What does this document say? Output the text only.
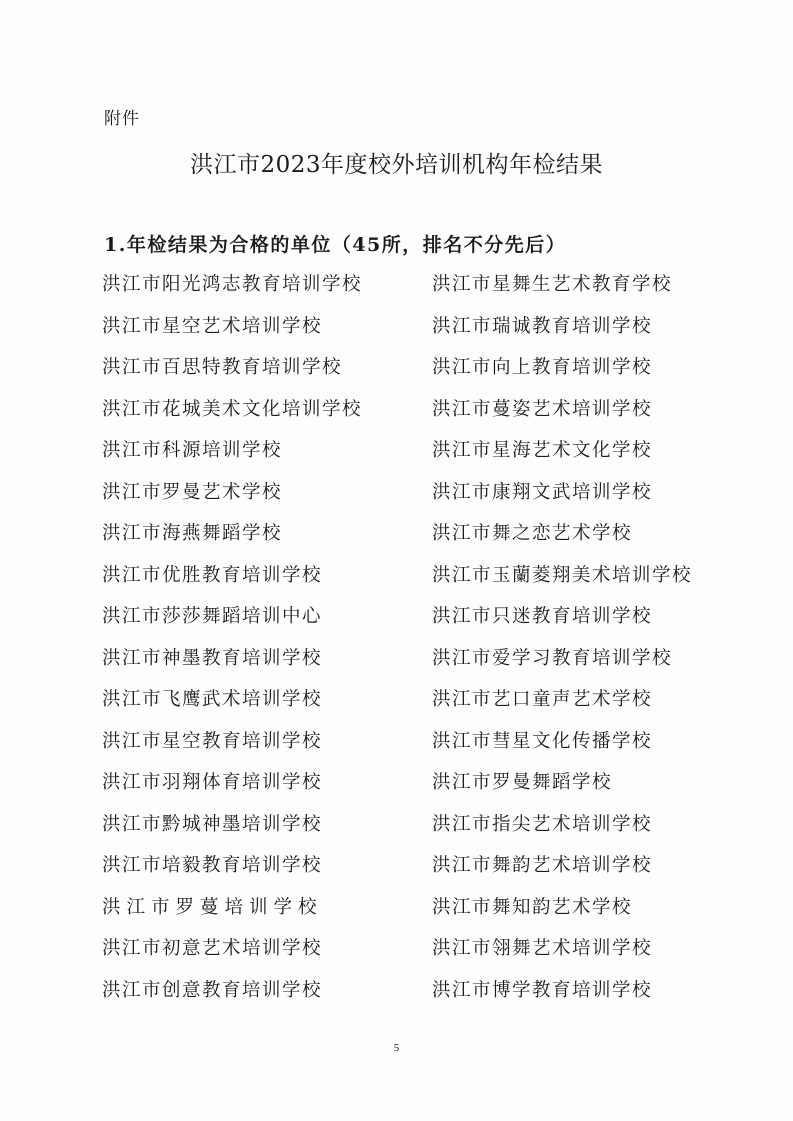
附件
洪江市2023年度校外培训机构年检结果
1.年检结果为合格的单位（45所，排名不分先后）
洪江市阳光鸿志教育培训学校
洪江市星空艺术培训学校
洪江市百思特教育培训学校
洪江市花城美术文化培训学校
洪江市科源培训学校
洪江市罗曼艺术学校
洪江市海燕舞蹈学校
洪江市优胜教育培训学校
洪江市莎莎舞蹈培训中心
洪江市神墨教育培训学校
洪江市飞鹰武术培训学校
洪江市星空教育培训学校
洪江市羽翔体育培训学校
洪江市黔城神墨培训学校
洪江市培毅教育培训学校
洪江市罗蔓培训学校
洪江市初意艺术培训学校
洪江市创意教育培训学校
洪江市星舞生艺术教育学校
洪江市瑞诚教育培训学校
洪江市向上教育培训学校
洪江市蔓姿艺术培训学校
洪江市星海艺术文化学校
洪江市康翔文武培训学校
洪江市舞之恋艺术学校
洪江市玉蘭菱翔美术培训学校
洪江市只迷教育培训学校
洪江市爱学习教育培训学校
洪江市艺口童声艺术学校
洪江市彗星文化传播学校
洪江市罗曼舞蹈学校
洪江市指尖艺术培训学校
洪江市舞韵艺术培训学校
洪江市舞知韵艺术学校
洪江市翎舞艺术培训学校
洪江市博学教育培训学校
5
